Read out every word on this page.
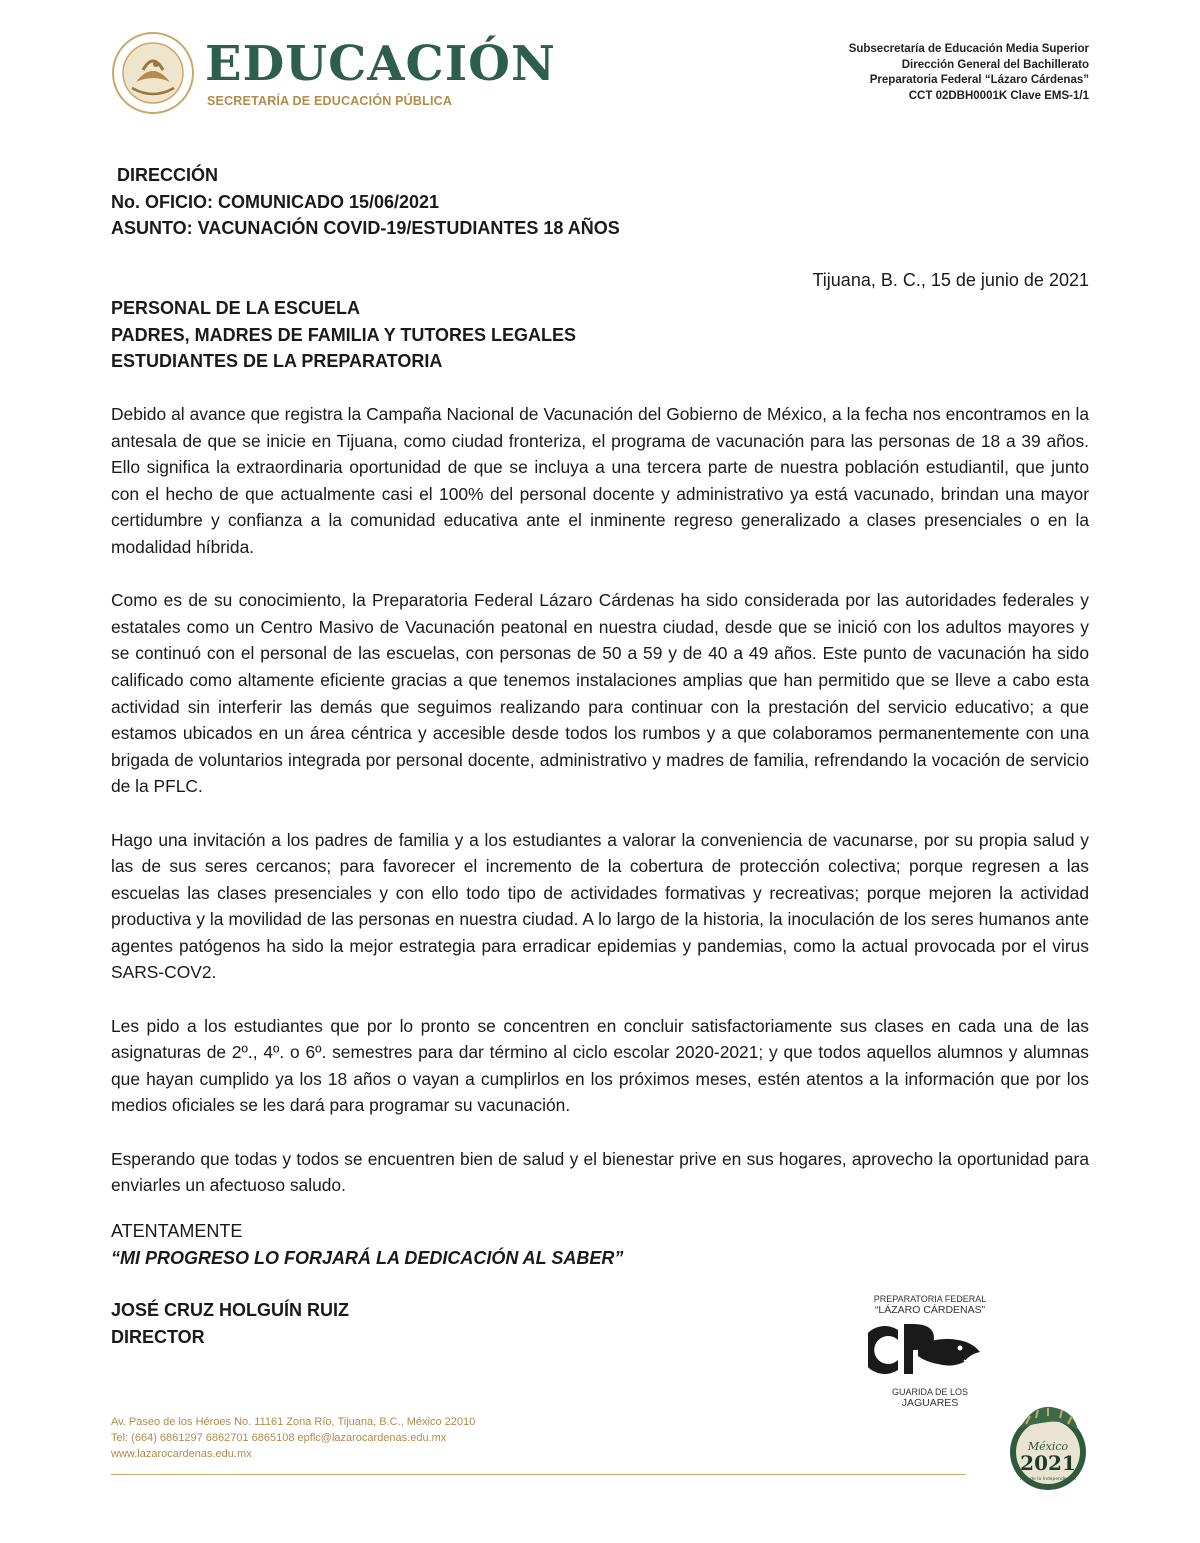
EDUCACIÓN
SECRETARÍA DE EDUCACIÓN PÚBLICA
Subsecretaría de Educación Media Superior
Dirección General del Bachillerato
Preparatoria Federal “Lázaro Cárdenas”
CCT 02DBH0001K Clave EMS-1/1
DIRECCIÓN
No. OFICIO: COMUNICADO 15/06/2021
ASUNTO: VACUNACIÓN COVID-19/ESTUDIANTES 18 AÑOS
Tijuana, B. C., 15 de junio de 2021
PERSONAL DE LA ESCUELA
PADRES, MADRES DE FAMILIA Y TUTORES LEGALES
ESTUDIANTES DE LA PREPARATORIA

Debido al avance que registra la Campaña Nacional de Vacunación del Gobierno de México, a la fecha nos encontramos en la antesala de que se inicie en Tijuana, como ciudad fronteriza, el programa de vacunación para las personas de 18 a 39 años. Ello significa la extraordinaria oportunidad de que se incluya a una tercera parte de nuestra población estudiantil, que junto con el hecho de que actualmente casi el 100% del personal docente y administrativo ya está vacunado, brindan una mayor certidumbre y confianza a la comunidad educativa ante el inminente regreso generalizado a clases presenciales o en la modalidad híbrida.

Como es de su conocimiento, la Preparatoria Federal Lázaro Cárdenas ha sido considerada por las autoridades federales y estatales como un Centro Masivo de Vacunación peatonal en nuestra ciudad, desde que se inició con los adultos mayores y se continuó con el personal de las escuelas, con personas de 50 a 59 y de 40 a 49 años. Este punto de vacunación ha sido calificado como altamente eficiente gracias a que tenemos instalaciones amplias que han permitido que se lleve a cabo esta actividad sin interferir las demás que seguimos realizando para continuar con la prestación del servicio educativo; a que estamos ubicados en un área céntrica y accesible desde todos los rumbos y a que colaboramos permanentemente con una brigada de voluntarios integrada por personal docente, administrativo y madres de familia, refrendando la vocación de servicio de la PFLC.

Hago una invitación a los padres de familia y a los estudiantes a valorar la conveniencia de vacunarse, por su propia salud y las de sus seres cercanos; para favorecer el incremento de la cobertura de protección colectiva; porque regresen a las escuelas las clases presenciales y con ello todo tipo de actividades formativas y recreativas; porque mejoren la actividad productiva y la movilidad de las personas en nuestra ciudad. A lo largo de la historia, la inoculación de los seres humanos ante agentes patógenos ha sido la mejor estrategia para erradicar epidemias y pandemias, como la actual provocada por el virus SARS-COV2.

Les pido a los estudiantes que por lo pronto se concentren en concluir satisfactoriamente sus clases en cada una de las asignaturas de 2º., 4º. o 6º. semestres para dar término al ciclo escolar 2020-2021; y que todos aquellos alumnos y alumnas que hayan cumplido ya los 18 años o vayan a cumplirlos en los próximos meses, estén atentos a la información que por los medios oficiales se les dará para programar su vacunación.

Esperando que todas y todos se encuentren bien de salud y el bienestar prive en sus hogares, aprovecho la oportunidad para enviarles un afectuoso saludo.

ATENTAMENTE
“MI PROGRESO LO FORJARÁ LA DEDICACIÓN AL SABER”
JOSÉ CRUZ HOLGUÍN RUIZ
DIRECTOR
PREPARATORIA FEDERAL
“LÁZARO CÁRDENAS”
GUARIDA DE LOS
JAGUARES
Av. Paseo de los Héroes No. 11161 Zona Río, Tijuana, B.C., México 22010
Tel: (664) 6861297 6862701 6865108 epflc@lazarocardenas.edu.mx
www.lazarocardenas.edu.mx
México
2021
Año de la Independencia
